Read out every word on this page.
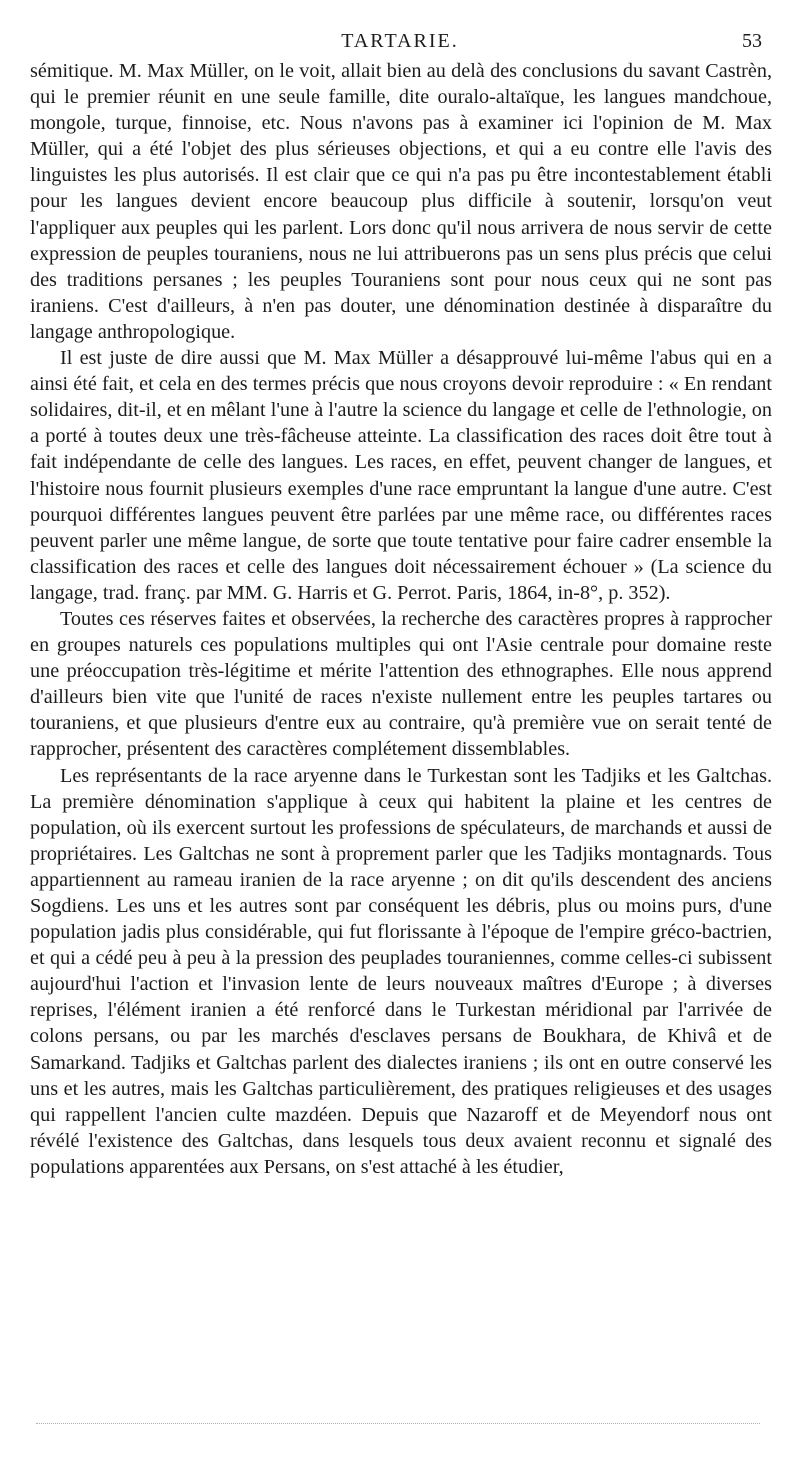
TARTARIE.	53

sémitique. M. Max Müller, on le voit, allait bien au delà des conclusions du savant Castrèn, qui le premier réunit en une seule famille, dite ouralo-altaïque, les langues mandchoue, mongole, turque, finnoise, etc. Nous n'avons pas à examiner ici l'opinion de M. Max Müller, qui a été l'objet des plus sérieuses objections, et qui a eu contre elle l'avis des linguistes les plus autorisés. Il est clair que ce qui n'a pas pu être incontestablement établi pour les langues devient encore beaucoup plus difficile à soutenir, lorsqu'on veut l'appliquer aux peuples qui les parlent. Lors donc qu'il nous arrivera de nous servir de cette expression de peuples touraniens, nous ne lui attribuerons pas un sens plus précis que celui des traditions persanes ; les peuples Touraniens sont pour nous ceux qui ne sont pas iraniens. C'est d'ailleurs, à n'en pas douter, une dénomination destinée à disparaître du langage anthropologique.

Il est juste de dire aussi que M. Max Müller a désapprouvé lui-même l'abus qui en a ainsi été fait, et cela en des termes précis que nous croyons devoir reproduire : « En rendant solidaires, dit-il, et en mêlant l'une à l'autre la science du langage et celle de l'ethnologie, on a porté à toutes deux une très-fâcheuse atteinte. La classification des races doit être tout à fait indépendante de celle des langues. Les races, en effet, peuvent changer de langues, et l'histoire nous fournit plusieurs exemples d'une race empruntant la langue d'une autre. C'est pourquoi différentes langues peuvent être parlées par une même race, ou différentes races peuvent parler une même langue, de sorte que toute tentative pour faire cadrer ensemble la classification des races et celle des langues doit nécessairement échouer » (La science du langage, trad. franç. par MM. G. Harris et G. Perrot. Paris, 1864, in-8°, p. 352).

Toutes ces réserves faites et observées, la recherche des caractères propres à rapprocher en groupes naturels ces populations multiples qui ont l'Asie centrale pour domaine reste une préoccupation très-légitime et mérite l'attention des ethnographes. Elle nous apprend d'ailleurs bien vite que l'unité de races n'existe nullement entre les peuples tartares ou touraniens, et que plusieurs d'entre eux au contraire, qu'à première vue on serait tenté de rapprocher, présentent des caractères complétement dissemblables.

Les représentants de la race aryenne dans le Turkestan sont les Tadjiks et les Galtchas. La première dénomination s'applique à ceux qui habitent la plaine et les centres de population, où ils exercent surtout les professions de spéculateurs, de marchands et aussi de propriétaires. Les Galtchas ne sont à proprement parler que les Tadjiks montagnards. Tous appartiennent au rameau iranien de la race aryenne ; on dit qu'ils descendent des anciens Sogdiens. Les uns et les autres sont par conséquent les débris, plus ou moins purs, d'une population jadis plus considérable, qui fut florissante à l'époque de l'empire gréco-bactrien, et qui a cédé peu à peu à la pression des peuplades touraniennes, comme celles-ci subissent aujourd'hui l'action et l'invasion lente de leurs nouveaux maîtres d'Europe ; à diverses reprises, l'élément iranien a été renforcé dans le Turkestan méridional par l'arrivée de colons persans, ou par les marchés d'esclaves persans de Boukhara, de Khivâ et de Samarkand. Tadjiks et Galtchas parlent des dialectes iraniens ; ils ont en outre conservé les uns et les autres, mais les Galtchas particulièrement, des pratiques religieuses et des usages qui rappellent l'ancien culte mazdéen. Depuis que Nazaroff et de Meyendorf nous ont révélé l'existence des Galtchas, dans lesquels tous deux avaient reconnu et signalé des populations apparentées aux Persans, on s'est attaché à les étudier,
